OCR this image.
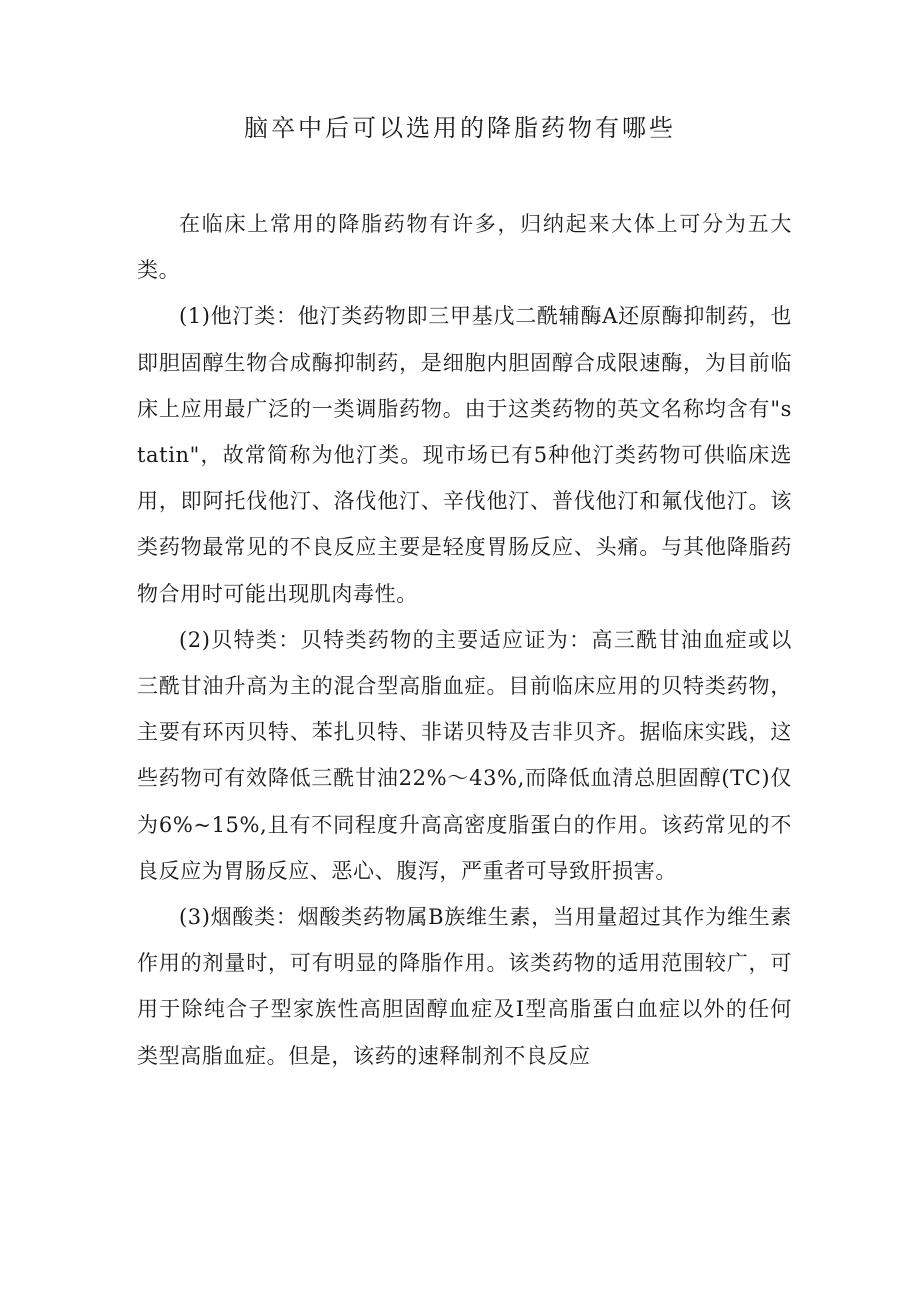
脑卒中后可以选用的降脂药物有哪些

在临床上常用的降脂药物有许多，归纳起来大体上可分为五大类。

(1)他汀类：他汀类药物即三甲基戊二酰辅酶A还原酶抑制药，也即胆固醇生物合成酶抑制药，是细胞内胆固醇合成限速酶，为目前临床上应用最广泛的一类调脂药物。由于这类药物的英文名称均含有"statin"，故常简称为他汀类。现市场已有5种他汀类药物可供临床选用，即阿托伐他汀、洛伐他汀、辛伐他汀、普伐他汀和氟伐他汀。该类药物最常见的不良反应主要是轻度胃肠反应、头痛。与其他降脂药物合用时可能出现肌肉毒性。

(2)贝特类：贝特类药物的主要适应证为：高三酰甘油血症或以三酰甘油升高为主的混合型高脂血症。目前临床应用的贝特类药物，主要有环丙贝特、苯扎贝特、非诺贝特及吉非贝齐。据临床实践，这些药物可有效降低三酰甘油22%～43%,而降低血清总胆固醇(TC)仅为6%~15%,且有不同程度升高高密度脂蛋白的作用。该药常见的不良反应为胃肠反应、恶心、腹泻，严重者可导致肝损害。

(3)烟酸类：烟酸类药物属B族维生素，当用量超过其作为维生素作用的剂量时，可有明显的降脂作用。该类药物的适用范围较广，可用于除纯合子型家族性高胆固醇血症及I型高脂蛋白血症以外的任何类型高脂血症。但是，该药的速释制剂不良反应
